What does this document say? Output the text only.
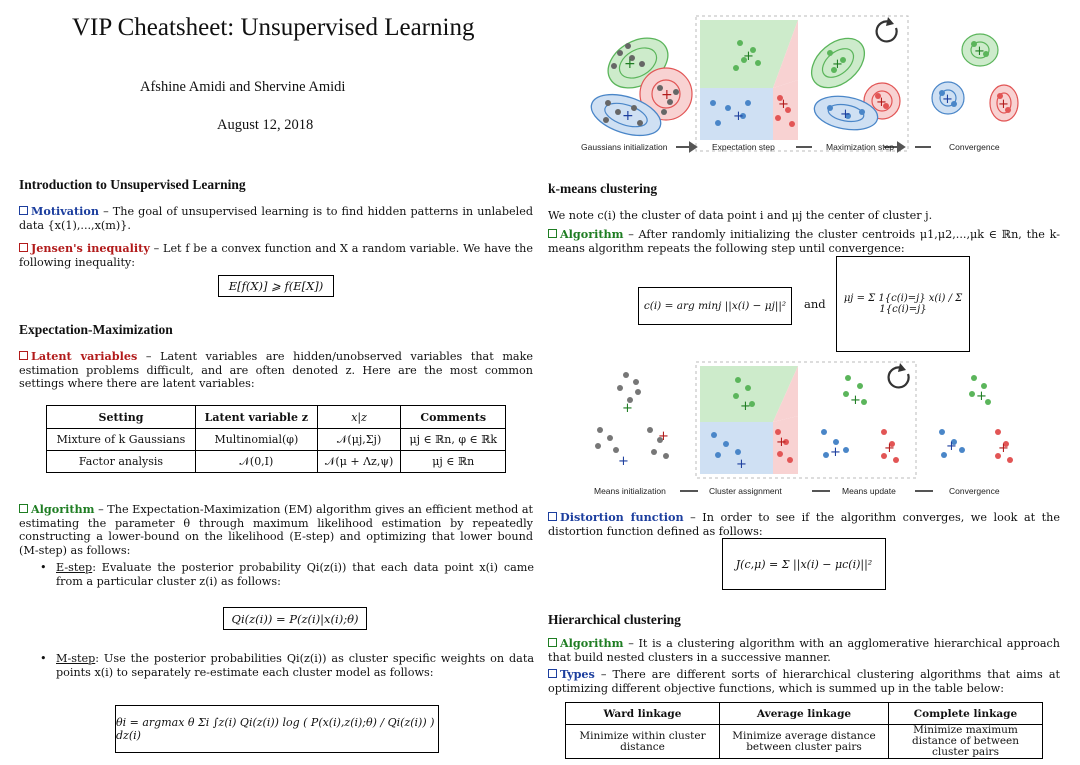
VIP Cheatsheet: Unsupervised Learning
Afshine Amidi and Shervine Amidi
August 12, 2018
Introduction to Unsupervised Learning
Motivation – The goal of unsupervised learning is to find hidden patterns in unlabeled data {x(1),...,x(m)}.
Jensen's inequality – Let f be a convex function and X a random variable. We have the following inequality:
E[f(X)] ⩾ f(E[X])
Expectation-Maximization
Latent variables – Latent variables are hidden/unobserved variables that make estimation problems difficult, and are often denoted z. Here are the most common settings where there are latent variables:
Setting	Latent variable z	x|z	Comments
Mixture of k Gaussians	Multinomial(φ)	𝒩(μj,Σj)	μj ∈ ℝn, φ ∈ ℝk
Factor analysis	𝒩(0,I)	𝒩(μ + Λz,ψ)	μj ∈ ℝn
Algorithm – The Expectation-Maximization (EM) algorithm gives an efficient method at estimating the parameter θ through maximum likelihood estimation by repeatedly constructing a lower-bound on the likelihood (E-step) and optimizing that lower bound (M-step) as follows:
• E-step: Evaluate the posterior probability Qi(z(i)) that each data point x(i) came from a particular cluster z(i) as follows:
Qi(z(i)) = P(z(i)|x(i);θ)
• M-step: Use the posterior probabilities Qi(z(i)) as cluster specific weights on data points x(i) to separately re-estimate each cluster model as follows:
θi = argmax θ Σi ∫z(i) Qi(z(i)) log ( P(x(i),z(i);θ) / Qi(z(i)) ) dz(i)
+
+
+
+
+
+
+
+
+
+
+	+
Gaussians initialization	Expectation step	Maximization step	Convergence
k-means clustering
We note c(i) the cluster of data point i and μj the center of cluster j.
Algorithm – After randomly initializing the cluster centroids μ1,μ2,...,μk ∈ ℝn, the k-means algorithm repeats the following step until convergence:
c(i) = arg minj ||x(i) − μj||²	and	μj = Σ 1{c(i)=j} x(i) / Σ 1{c(i)=j}
+
+
+
+
+
+
+
+	+
+
+	+
Means initialization	Cluster assignment	Means update	Convergence
Distortion function – In order to see if the algorithm converges, we look at the distortion function defined as follows:
J(c,μ) = Σ ||x(i) − μc(i)||²
Hierarchical clustering
Algorithm – It is a clustering algorithm with an agglomerative hierarchical approach that build nested clusters in a successive manner.
Types – There are different sorts of hierarchical clustering algorithms that aims at optimizing different objective functions, which is summed up in the table below:
Ward linkage	Average linkage	Complete linkage
Minimize within cluster distance	Minimize average distance between cluster pairs	Minimize maximum distance of between cluster pairs
